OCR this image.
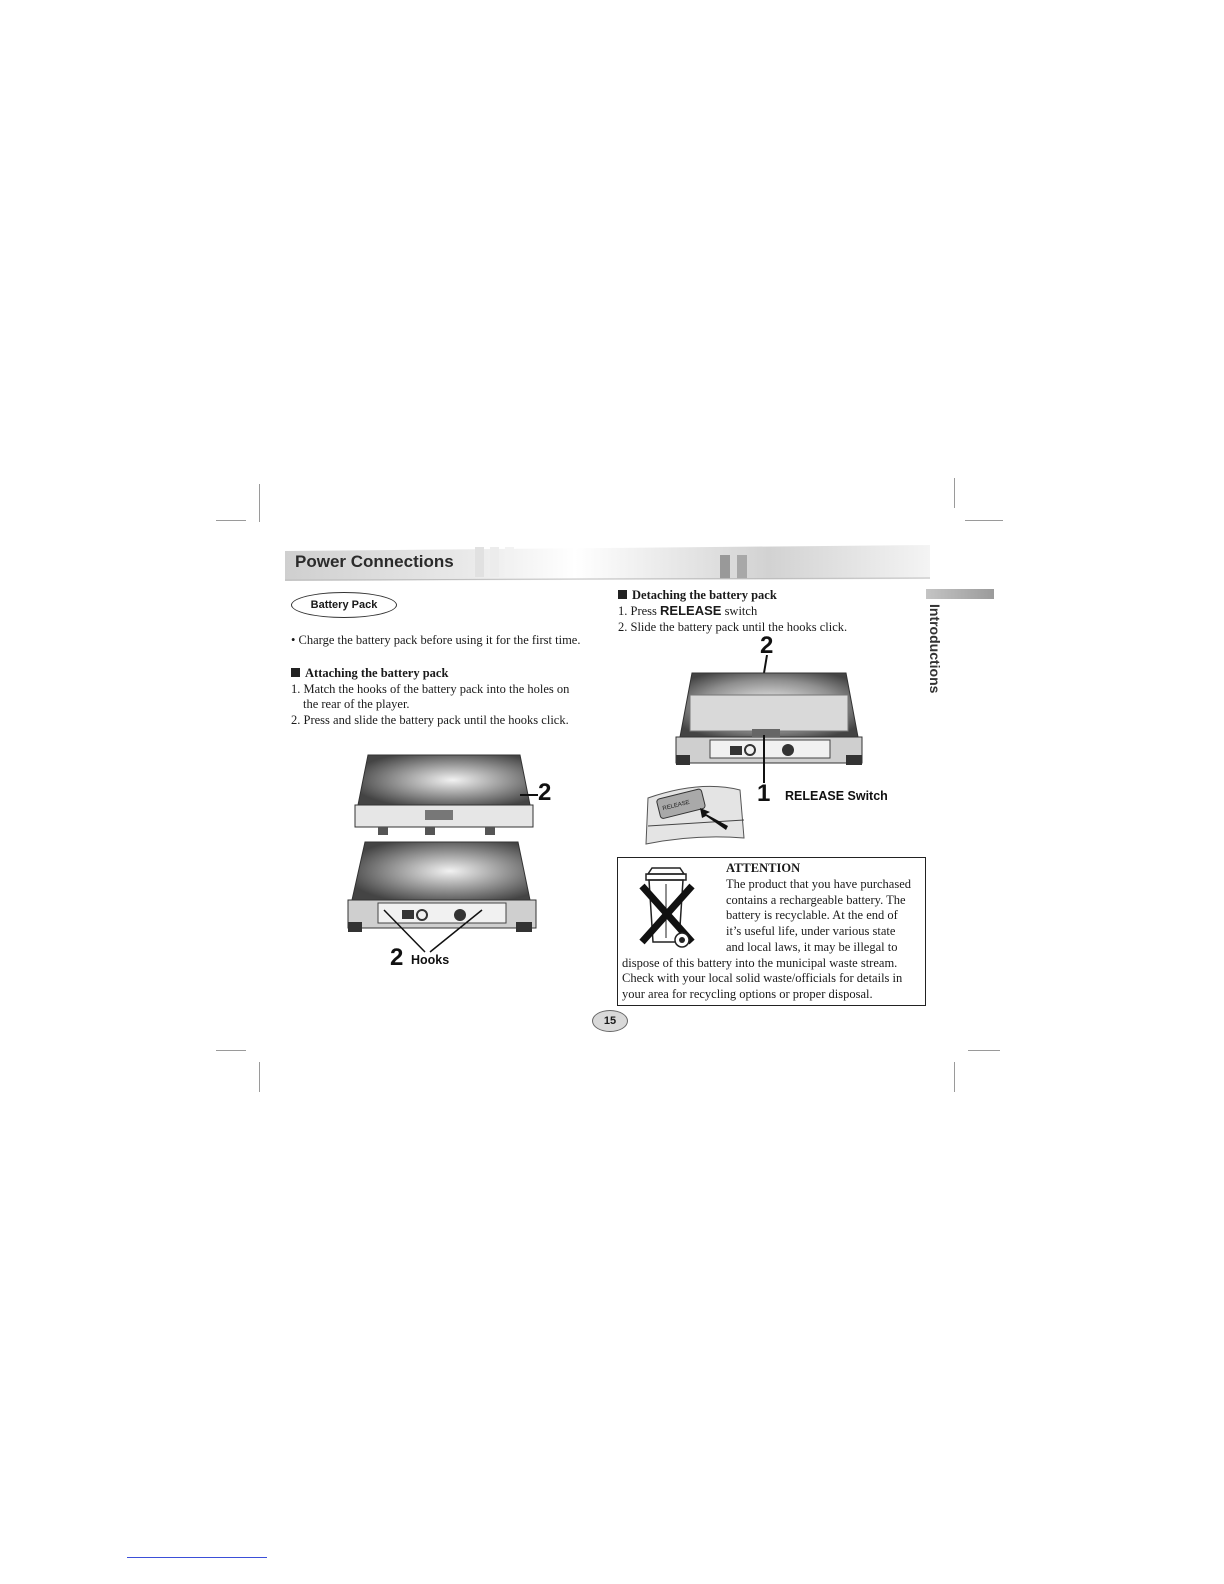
Power Connections
Introductions
Battery Pack
• Charge the battery pack before using it for the first time.
Attaching the battery pack
1. Match the hooks of the battery pack into the holes on
the rear of the player.
2. Press and slide the battery pack until the hooks click.
2
2 Hooks
Detaching the battery pack
1. Press RELEASE switch
2. Slide the battery pack until the hooks click.
2
RELEASE	1 RELEASE Switch
ATTENTION
The product that you have purchased
contains a rechargeable battery. The
battery is recyclable. At the end of
it’s useful life, under various state
and local laws, it may be illegal to
dispose of this battery into the municipal waste stream.
Check with your local solid waste/officials for details in
your area for recycling options or proper disposal.
15
